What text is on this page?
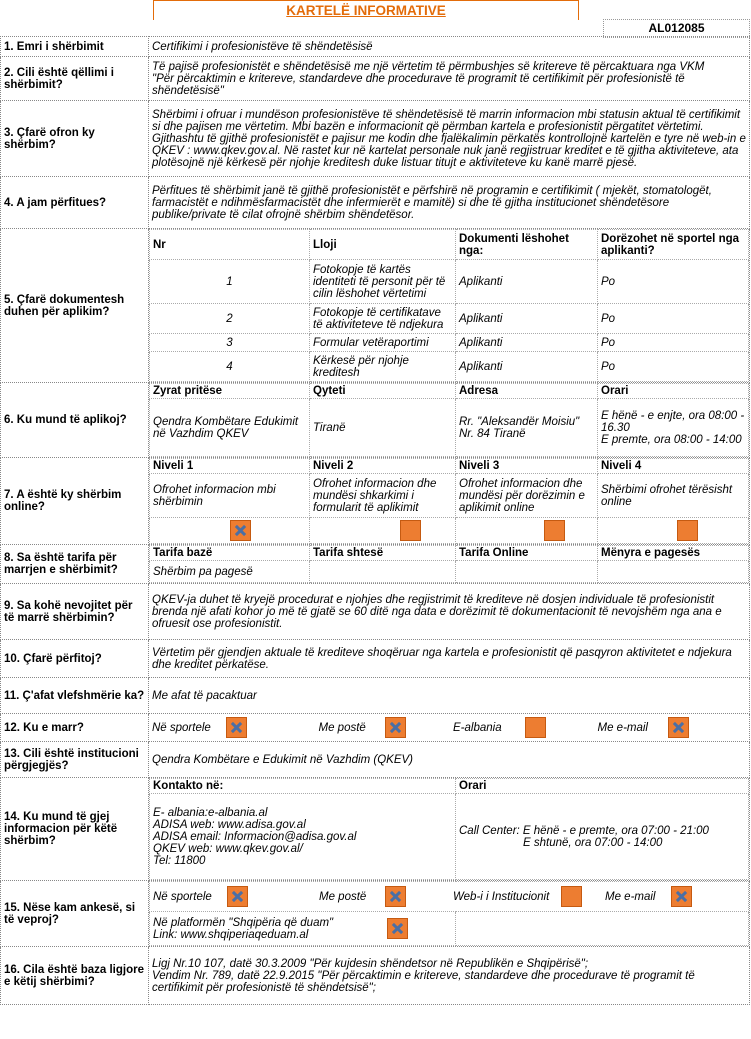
KARTELË INFORMATIVE
AL012085
1. Emri i shërbimit	Certifikimi i profesionistëve të shëndetësisë
2. Cili është qëllimi i shërbimit?	Të pajisë profesionistët e shëndetësisë me një vërtetim të përmbushjes së kritereve të përcaktuara nga VKM
"Për përcaktimin e kritereve, standardeve dhe procedurave të programit të certifikimit për profesionistë të shëndetësisë"
3. Çfarë ofron ky shërbim?	Shërbimi i ofruar i mundëson profesionistëve të shëndetësisë të marrin informacion mbi statusin aktual të certifikimit si dhe pajisen me vërtetim. Mbi bazën e informacionit që përmban kartela e profesionistit përgatitet vërtetimi. Gjithashtu të gjithë profesionistët e pajisur me kodin dhe fjalëkalimin përkatës kontrollojnë kartelën e tyre në web-in e QKEV : www.qkev.gov.al. Në rastet kur në kartelat personale nuk janë regjistruar kreditet e të gjitha aktiviteteve, ata plotësojnë një kërkesë për njohje kreditesh duke listuar titujt e aktiviteteve ku kanë marrë pjesë.
4. A jam përfitues?	Përfitues të shërbimit janë të gjithë profesionistët e përfshirë në programin e certifikimit ( mjekët, stomatologët, farmacistët e ndihmësfarmacistët dhe infermierët e mamitë) si dhe të gjitha institucionet shëndetësore publike/private të cilat ofrojnë shërbim shëndetësor.
5. Çfarë dokumentesh duhen për aplikim?	
Nr	Lloji	Dokumenti lëshohet nga:	Dorëzohet në sportel nga aplikanti?
1	Fotokopje të kartës identiteti të personit për të cilin lëshohet vërtetimi	Aplikanti	Po
2	Fotokopje të certifikatave të aktiviteteve të ndjekura	Aplikanti	Po
3	Formular vetëraportimi	Aplikanti	Po
4	Kërkesë për njohje kreditesh	Aplikanti	Po

6. Ku mund të aplikoj?	
Zyrat pritëse	Qyteti	Adresa	Orari
Qendra Kombëtare Edukimit në Vazhdim QKEV	Tiranë	Rr. "Aleksandër Moisiu" Nr. 84 Tiranë	E hënë - e enjte, ora 08:00 - 16.30
E premte, ora 08:00 - 14:00

7. A është ky shërbim online?	
Niveli 1	Niveli 2	Niveli 3	Niveli 4
Ofrohet informacion mbi shërbimin	Ofrohet informacion dhe mundësi shkarkimi i formularit të aplikimit	Ofrohet informacion dhe mundësi për dorëzimin e aplikimit online	Shërbimi ofrohet tërësisht online

8. Sa është tarifa për marrjen e shërbimit?	
Tarifa bazë	Tarifa shtesë	Tarifa Online	Mënyra e pagesës
Shërbim pa pagesë			

9. Sa kohë nevojitet për të marrë shërbimin?	QKEV-ja duhet të kryejë procedurat e njohjes dhe regjistrimit të krediteve në dosjen individuale të profesionistit brenda një afati kohor jo më të gjatë se 60 ditë nga data e dorëzimit të dokumentacionit të nevojshëm nga ana e ofruesit ose profesionistit.
10. Çfarë përfitoj?	Vërtetim për gjendjen aktuale të krediteve shoqëruar nga kartela e profesionistit që pasqyron aktivitetet e ndjekura dhe kreditet përkatëse.
11. Ç'afat vlefshmërie ka?	Me afat të pacaktuar
12. Ku e marr?	Në sportele	Me postë	E-albania	Me e-mail

13. Cili është institucioni përgjegjës?	Qendra Kombëtare e Edukimit në Vazhdim (QKEV)
14. Ku mund të gjej informacion për këtë shërbim?	
Kontakto në:	Orari

E- albania:e-albania.al
ADISA web: www.adisa.gov.al
ADISA email: Informacion@adisa.gov.al
QKEV web: www.qkev.gov.al/
Tel: 11800

Call Center: E hënë - e premte, ora 07:00 - 21:00
E shtunë, ora 07:00 - 14:00

15. Nëse kam ankesë, si të veproj?	
Në sportele	Me postë	Web-i i Institucionit	Me e-mail

Në platformën "Shqipëria që duam"
Link: www.shqiperiaqeduam.al

16. Cila është baza ligjore e këtij shërbimi?	
Ligj Nr.10 107, datë 30.3.2009 "Për kujdesin shëndetsor në Republikën e Shqipërisë";
Vendim Nr. 789, datë 22.9.2015 "Për përcaktimin e kritereve, standardeve dhe procedurave të programit të certifikimit për profesionistë të shëndetsisë";
